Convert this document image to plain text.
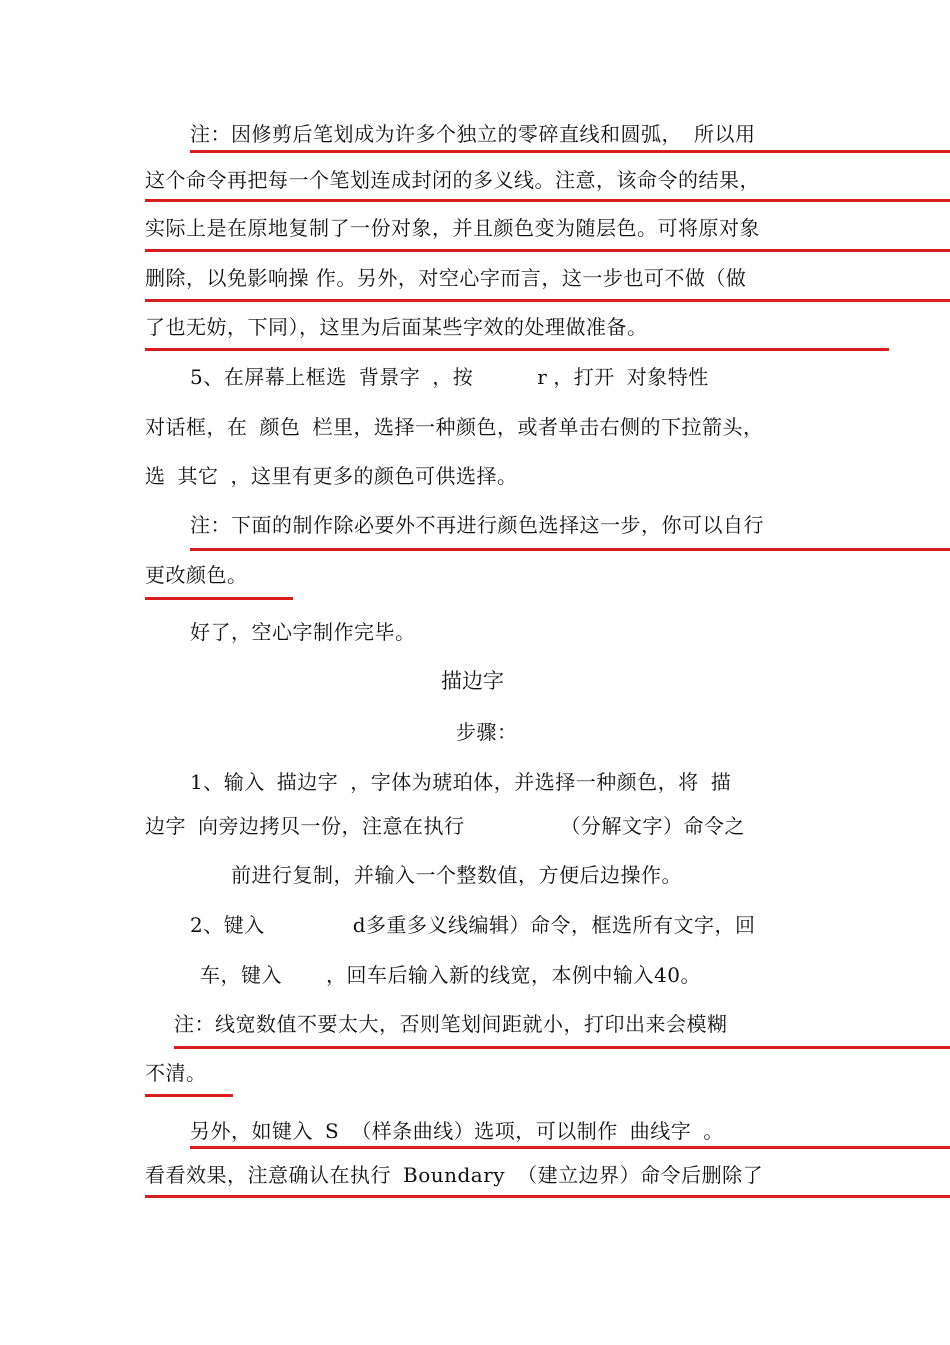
注：因修剪后笔划成为许多个独立的零碎直线和圆弧， 所以用
这个命令再把每一个笔划连成封闭的多义线。注意，该命令的结果，
实际上是在原地复制了一份对象，并且颜色变为随层色。可将原对象
删除，以免影响操 作。另外，对空心字而言，这一步也可不做（做
了也无妨，下同），这里为后面某些字效的处理做准备。
5、在屏幕上框选 背景字 ，按	r ，打开 对象特性
对话框，在 颜色 栏里，选择一种颜色，或者单击右侧的下拉箭头，
选 其它 ，这里有更多的颜色可供选择。
注：下面的制作除必要外不再进行颜色选择这一步，你可以自行
更改颜色。
好了，空心字制作完毕。
描边字
步骤：
1、输入 描边字 ，字体为琥珀体，并选择一种颜色，将 描
边字 向旁边拷贝一份，注意在执行	（分解文字）命令之
前进行复制，并输入一个整数值，方便后边操作。
2、键入	d多重多义线编辑）命令，框选所有文字，回
车，键入 ，回车后输入新的线宽，本例中输入40。
注：线宽数值不要太大，否则笔划间距就小，打印出来会模糊
不清。
另外，如键入 S （样条曲线）选项，可以制作 曲线字 。
看看效果，注意确认在执行 Boundary （建立边界）命令后删除了
